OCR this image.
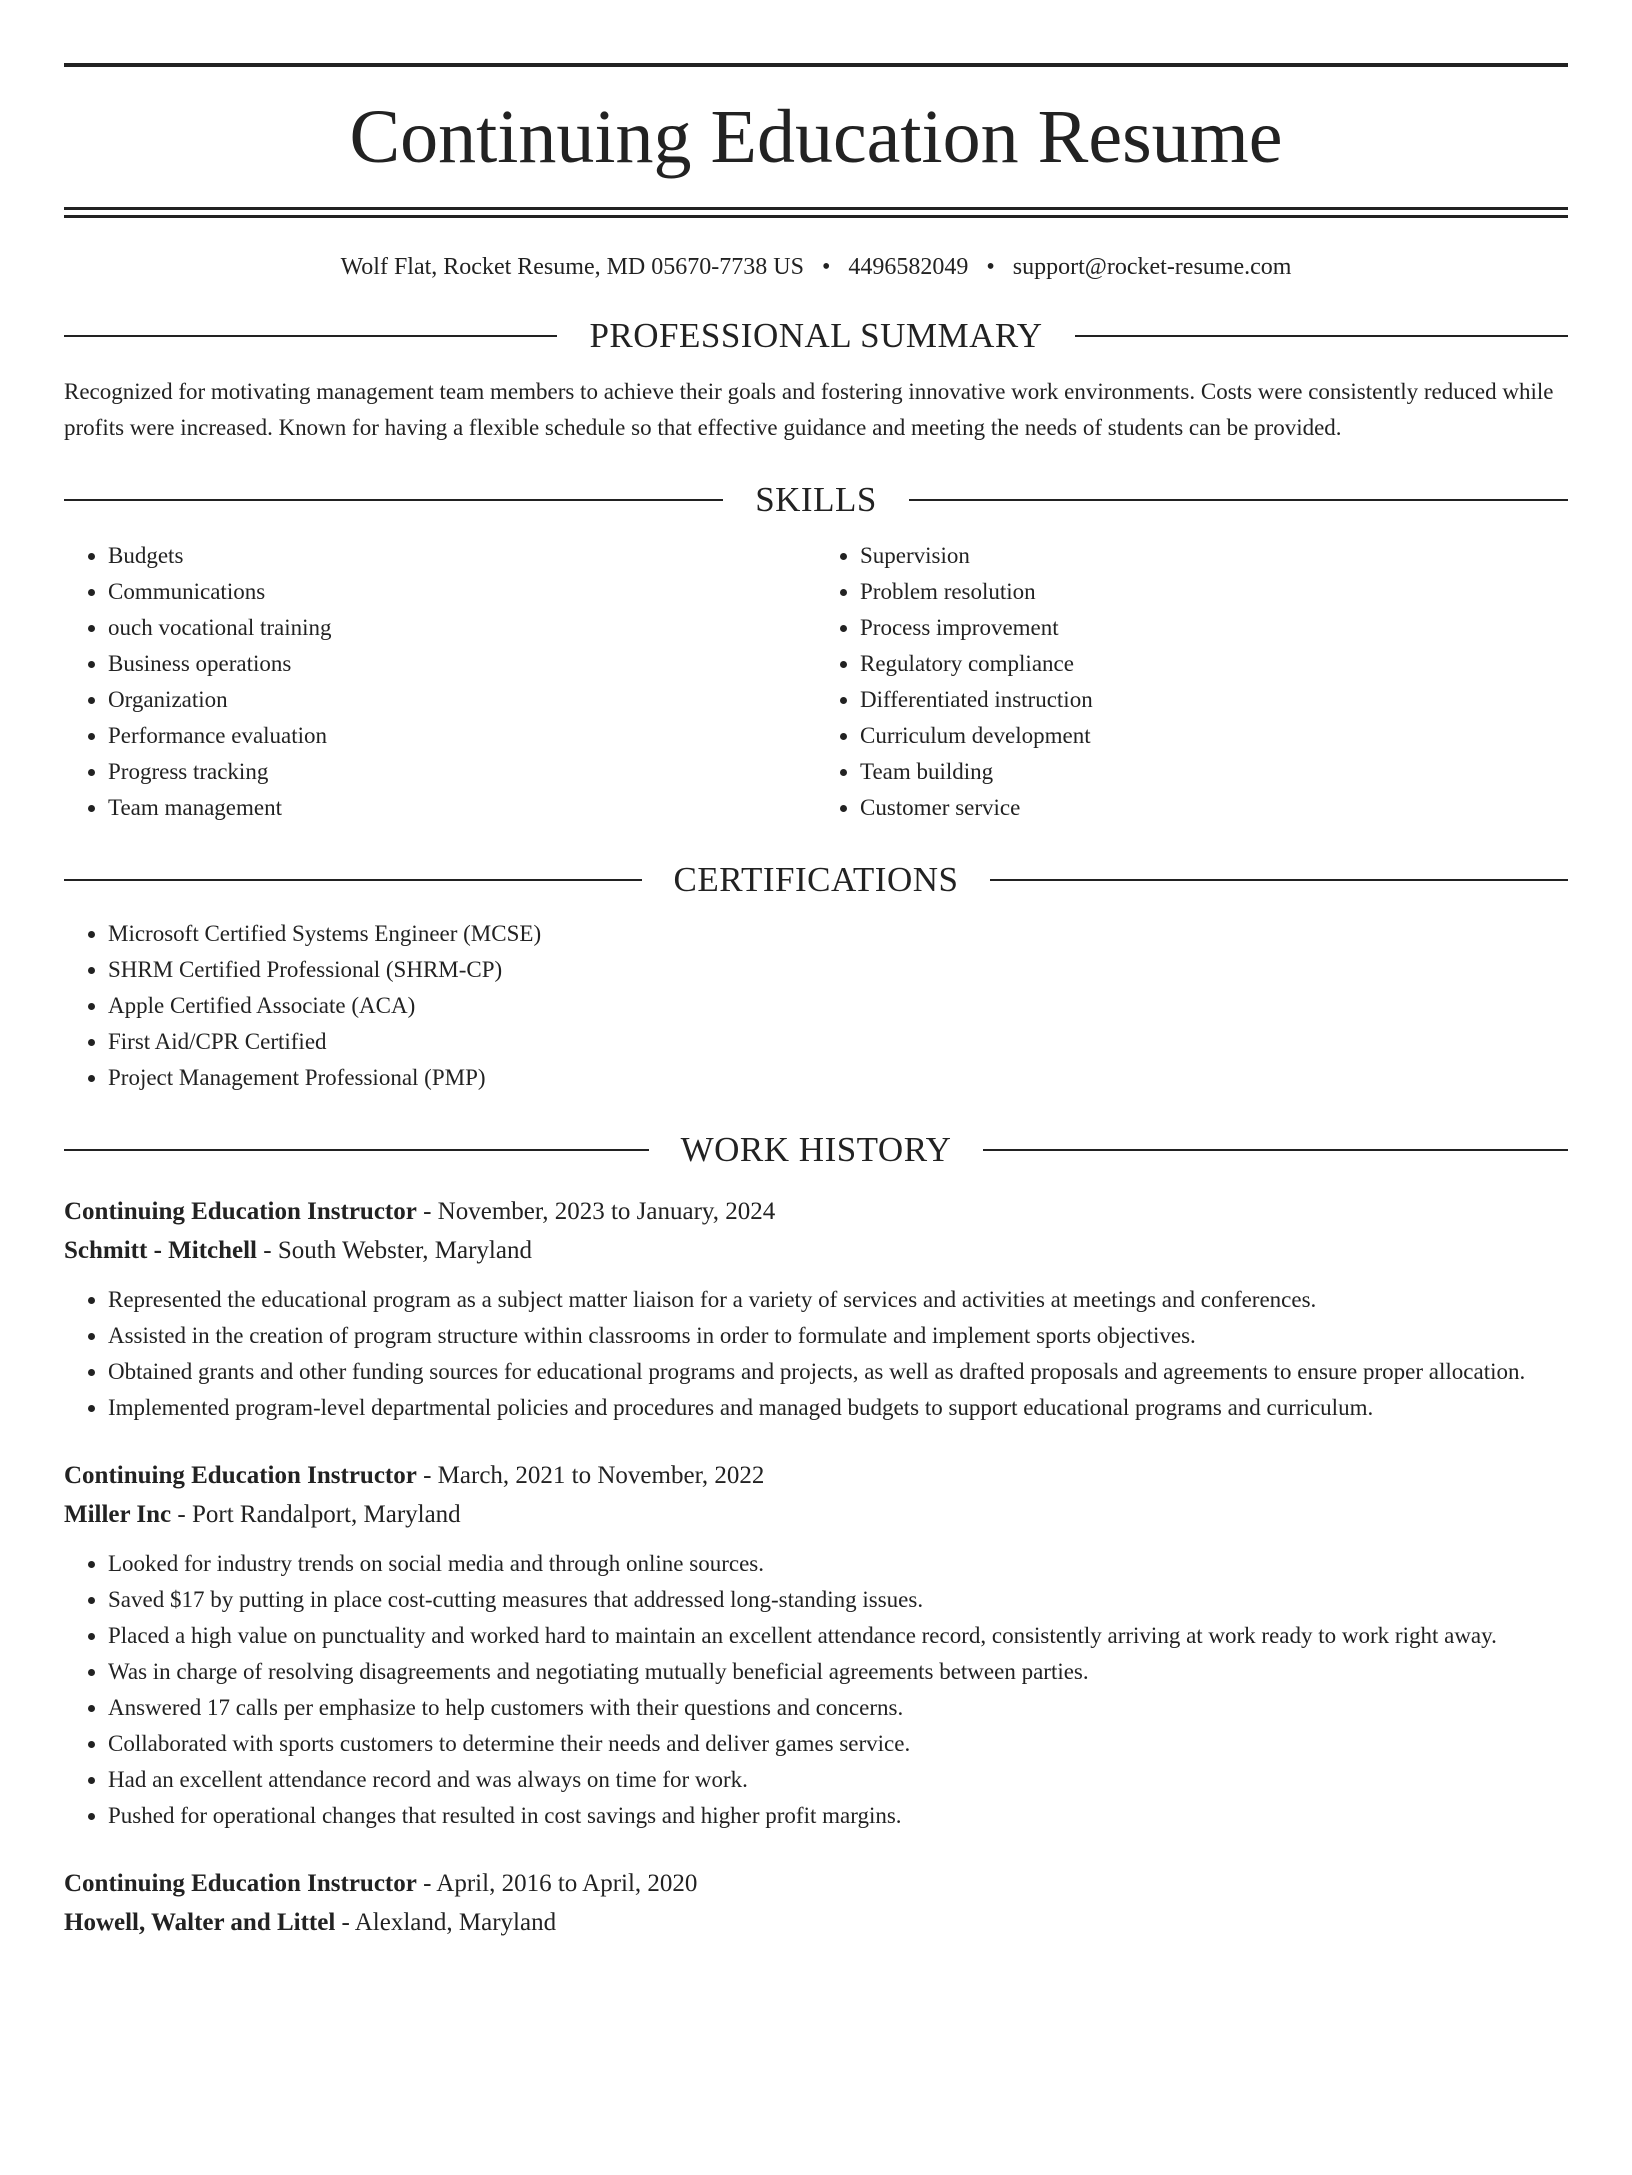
Continuing Education Resume
Wolf Flat, Rocket Resume, MD 05670-7738 US • 4496582049 • support@rocket-resume.com
PROFESSIONAL SUMMARY

Recognized for motivating management team members to achieve their goals and fostering innovative work environments. Costs were consistently reduced while profits were increased. Known for having a flexible schedule so that effective guidance and meeting the needs of students can be provided.

SKILLS
• Budgets
• Communications
• ouch vocational training
• Business operations
• Organization
• Performance evaluation
• Progress tracking
• Team management
• Supervision
• Problem resolution
• Process improvement
• Regulatory compliance
• Differentiated instruction
• Curriculum development
• Team building
• Customer service
CERTIFICATIONS
• Microsoft Certified Systems Engineer (MCSE)
• SHRM Certified Professional (SHRM-CP)
• Apple Certified Associate (ACA)
• First Aid/CPR Certified
• Project Management Professional (PMP)
WORK HISTORY
Continuing Education Instructor - November, 2023 to January, 2024
Schmitt - Mitchell - South Webster, Maryland
• Represented the educational program as a subject matter liaison for a variety of services and activities at meetings and conferences.
• Assisted in the creation of program structure within classrooms in order to formulate and implement sports objectives.
• Obtained grants and other funding sources for educational programs and projects, as well as drafted proposals and agreements to ensure proper allocation.
• Implemented program-level departmental policies and procedures and managed budgets to support educational programs and curriculum.
Continuing Education Instructor - March, 2021 to November, 2022
Miller Inc - Port Randalport, Maryland
• Looked for industry trends on social media and through online sources.
• Saved $17 by putting in place cost-cutting measures that addressed long-standing issues.
• Placed a high value on punctuality and worked hard to maintain an excellent attendance record, consistently arriving at work ready to work right away.
• Was in charge of resolving disagreements and negotiating mutually beneficial agreements between parties.
• Answered 17 calls per emphasize to help customers with their questions and concerns.
• Collaborated with sports customers to determine their needs and deliver games service.
• Had an excellent attendance record and was always on time for work.
• Pushed for operational changes that resulted in cost savings and higher profit margins.
Continuing Education Instructor - April, 2016 to April, 2020
Howell, Walter and Littel - Alexland, Maryland
